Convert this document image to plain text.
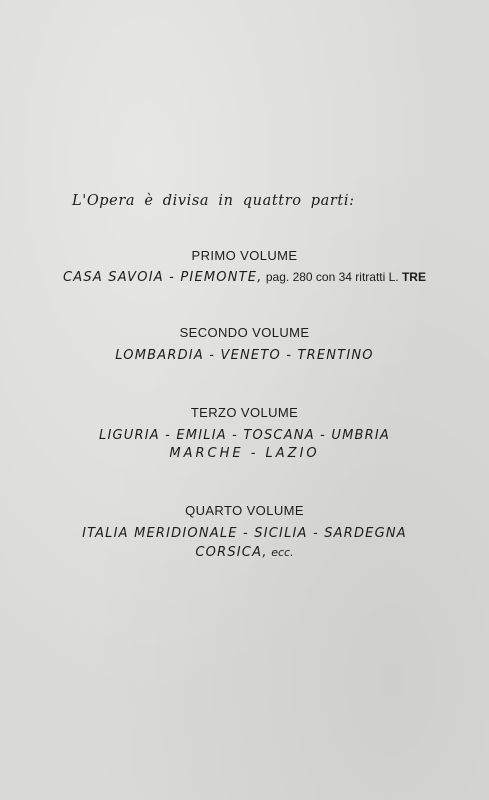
L'Opera è divisa in quattro parti:
PRIMO VOLUME
CASA SAVOIA - PIEMONTE, pag. 280 con 34 ritratti L. TRE
SECONDO VOLUME
LOMBARDIA - VENETO - TRENTINO
TERZO VOLUME
LIGURIA - EMILIA - TOSCANA - UMBRIA
MARCHE - LAZIO
QUARTO VOLUME
ITALIA MERIDIONALE - SICILIA - SARDEGNA
CORSICA, ecc.
